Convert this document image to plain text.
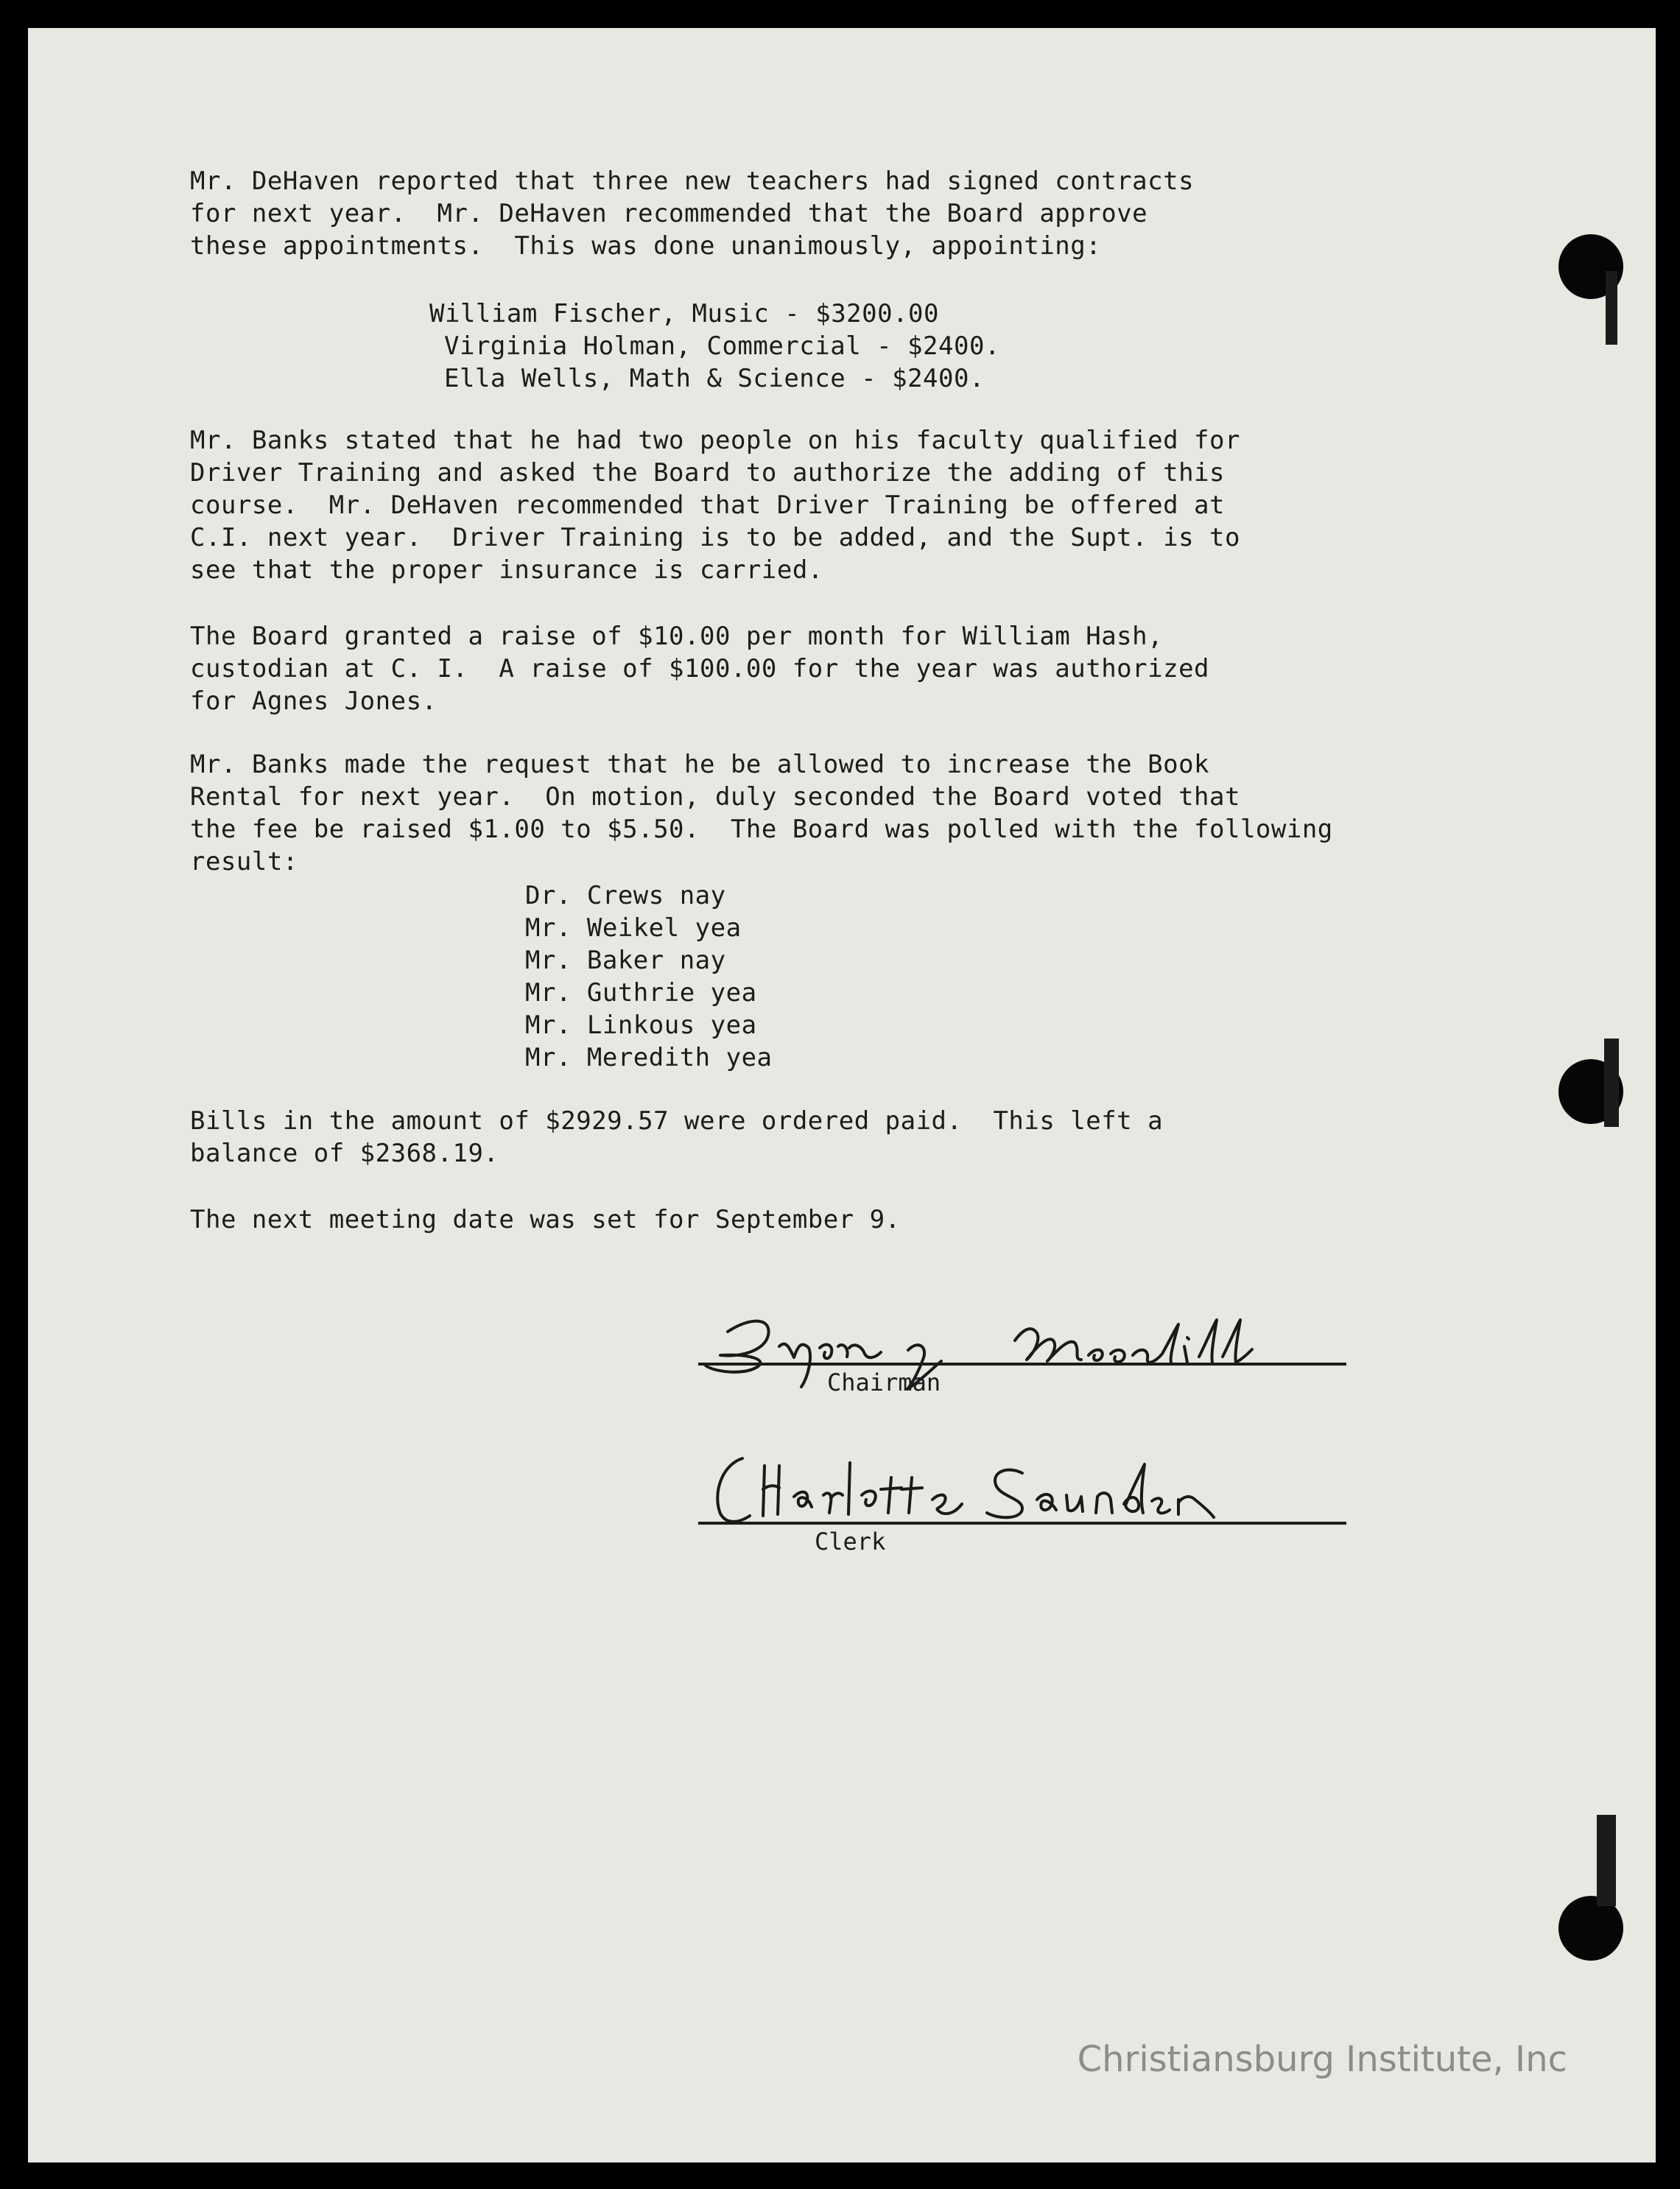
Mr. DeHaven reported that three new teachers had signed contracts
for next year.  Mr. DeHaven recommended that the Board approve
these appointments.  This was done unanimously, appointing:
William Fischer, Music - $3200.00
Virginia Holman, Commercial - $2400.
Ella Wells, Math & Science - $2400.
Mr. Banks stated that he had two people on his faculty qualified for
Driver Training and asked the Board to authorize the adding of this
course.  Mr. DeHaven recommended that Driver Training be offered at
C.I. next year.  Driver Training is to be added, and the Supt. is to
see that the proper insurance is carried.
The Board granted a raise of $10.00 per month for William Hash,
custodian at C. I.  A raise of $100.00 for the year was authorized
for Agnes Jones.
Mr. Banks made the request that he be allowed to increase the Book
Rental for next year.  On motion, duly seconded the Board voted that
the fee be raised $1.00 to $5.50.  The Board was polled with the following
result:
Dr. Crews nay
Mr. Weikel yea
Mr. Baker nay
Mr. Guthrie yea
Mr. Linkous yea
Mr. Meredith yea
Bills in the amount of $2929.57 were ordered paid.  This left a
balance of $2368.19.
The next meeting date was set for September 9.
Chairman
Clerk
Christiansburg Institute, Inc
